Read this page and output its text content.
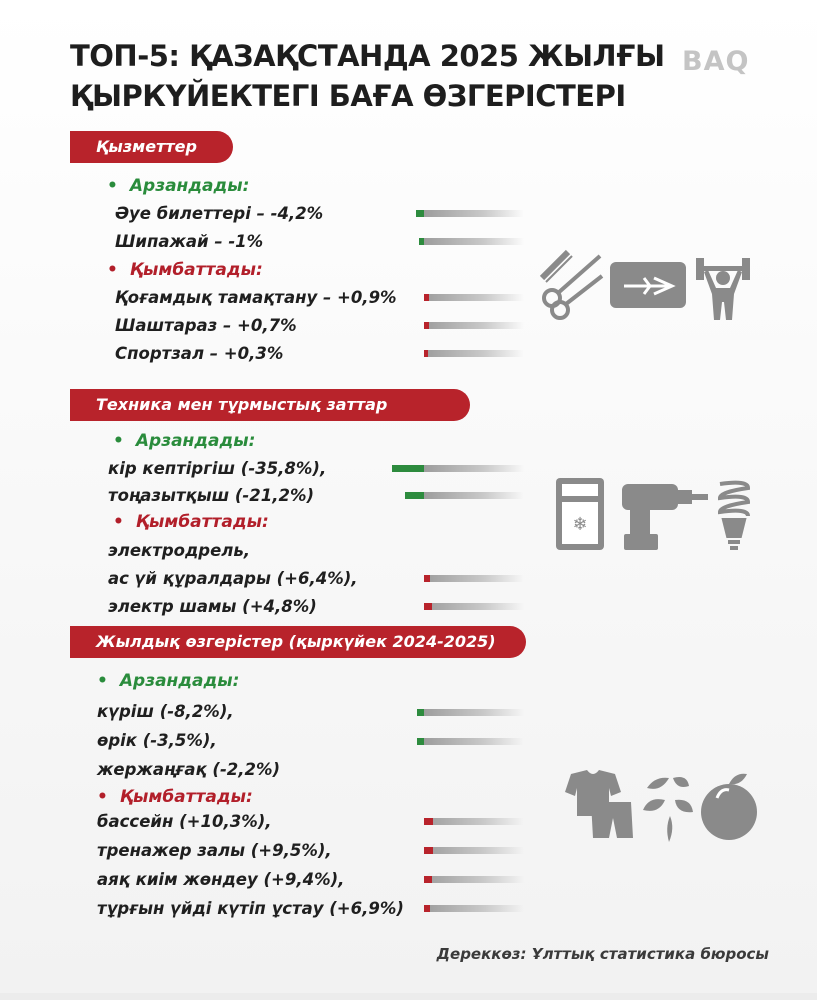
ТОП-5: ҚАЗАҚСТАНДА 2025 ЖЫЛҒЫ
ҚЫРКҮЙЕКТЕГІ БАҒА ӨЗГЕРІСТЕРІ
BAQ
Қызметтер
• Арзандады:
Әуе билеттері – -4,2%
Шипажай – -1%
• Қымбаттады:
Қоғамдық тамақтану – +0,9%
Шаштараз – +0,7%
Спортзал – +0,3%
Техника мен тұрмыстық заттар
• Арзандады:
кір кептіргіш (-35,8%),
тоңазытқыш (-21,2%)
• Қымбаттады:
электродрель,
ас үй құралдары (+6,4%),
электр шамы (+4,8%)
❄
Жылдық өзгерістер (қыркүйек 2024-2025)
• Арзандады:
күріш (-8,2%),
өрік (-3,5%),
жержаңғақ (-2,2%)
• Қымбаттады:
бассейн (+10,3%),
тренажер залы (+9,5%),
аяқ киім жөндеу (+9,4%),
тұрғын үйді күтіп ұстау (+6,9%)
Дереккөз: Ұлттық статистика бюросы
